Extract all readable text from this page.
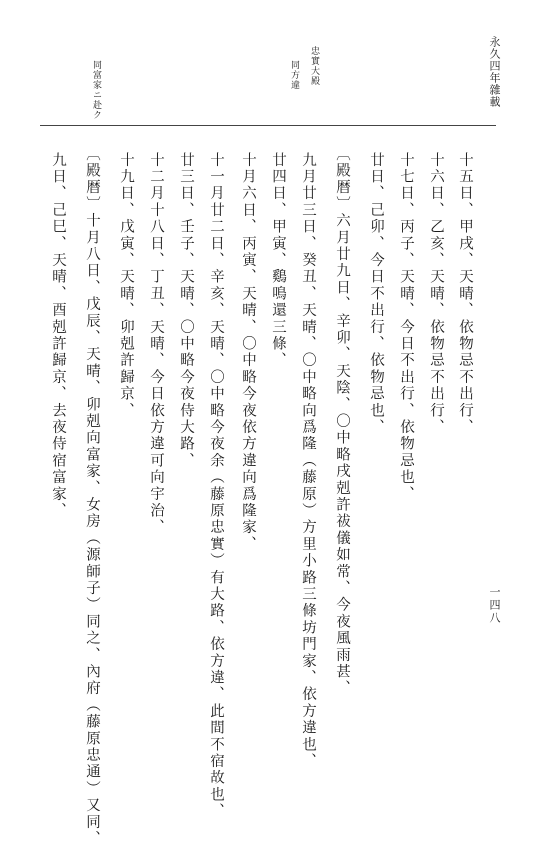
永久四年雜載
一四八
忠實大殿
同方違
同富家ニ赴ク
十五日、甲戌、天晴、依物忌不出行、
十六日、乙亥、天晴、依物忌不出行、
十七日、丙子、天晴、今日不出行、依物忌也、
廿日、己卯、今日不出行、依物忌也、
〔殿暦〕六月廿九日、辛卯、天陰、〇中略戌剋許祓儀如常、今夜風雨甚、
九月廿三日、癸丑、天晴、〇中略向爲隆（藤原）方里小路三條坊門家、依方違也、
廿四日、甲寅、鷄鳴還三條、
十月六日、丙寅、天晴、〇中略今夜依方違向爲隆家、
十一月廿二日、辛亥、天晴、〇中略今夜余（藤原忠實）有大路、依方違、此間不宿故也、
廿三日、壬子、天晴、〇中略今夜侍大路、
十二月十八日、丁丑、天晴、今日依方違可向宇治、
十九日、戊寅、天晴、卯剋許歸京、
〔殿暦〕十月八日、戊辰、天晴、卯剋向富家、女房（源師子）同之、內府（藤原忠通）又同、
九日、己巳、天晴、酉剋許歸京、去夜侍宿富家、
